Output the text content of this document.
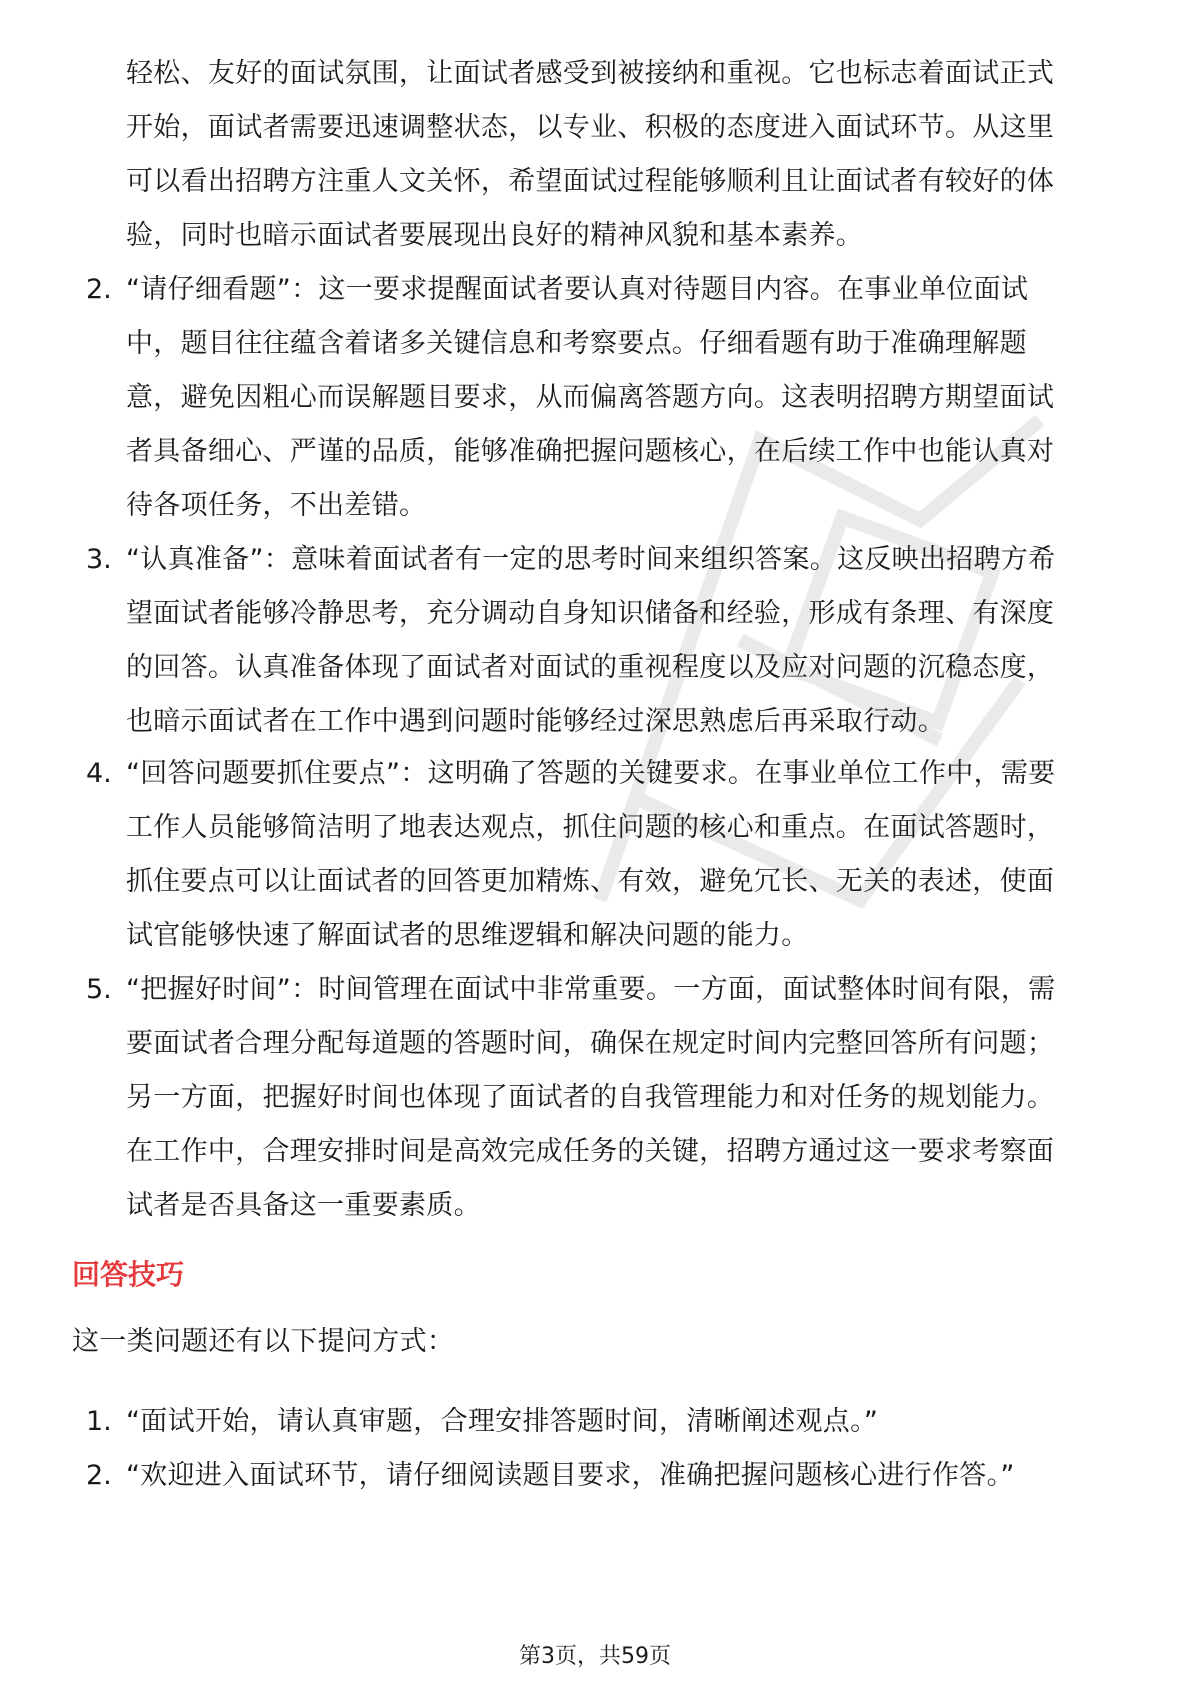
轻松、友好的面试氛围，让面试者感受到被接纳和重视。它也标志着面试正式
开始，面试者需要迅速调整状态，以专业、积极的态度进入面试环节。从这里
可以看出招聘方注重人文关怀，希望面试过程能够顺利且让面试者有较好的体
验，同时也暗示面试者要展现出良好的精神风貌和基本素养。
2. “请仔细看题”：这一要求提醒面试者要认真对待题目内容。在事业单位面试
中，题目往往蕴含着诸多关键信息和考察要点。仔细看题有助于准确理解题
意，避免因粗心而误解题目要求，从而偏离答题方向。这表明招聘方期望面试
者具备细心、严谨的品质，能够准确把握问题核心，在后续工作中也能认真对
待各项任务，不出差错。
3. “认真准备”：意味着面试者有一定的思考时间来组织答案。这反映出招聘方希
望面试者能够冷静思考，充分调动自身知识储备和经验，形成有条理、有深度
的回答。认真准备体现了面试者对面试的重视程度以及应对问题的沉稳态度，
也暗示面试者在工作中遇到问题时能够经过深思熟虑后再采取行动。
4. “回答问题要抓住要点”：这明确了答题的关键要求。在事业单位工作中，需要
工作人员能够简洁明了地表达观点，抓住问题的核心和重点。在面试答题时，
抓住要点可以让面试者的回答更加精炼、有效，避免冗长、无关的表述，使面
试官能够快速了解面试者的思维逻辑和解决问题的能力。
5. “把握好时间”：时间管理在面试中非常重要。一方面，面试整体时间有限，需
要面试者合理分配每道题的答题时间，确保在规定时间内完整回答所有问题；
另一方面，把握好时间也体现了面试者的自我管理能力和对任务的规划能力。
在工作中，合理安排时间是高效完成任务的关键，招聘方通过这一要求考察面
试者是否具备这一重要素质。
回答技巧
这一类问题还有以下提问方式：
1. “面试开始，请认真审题，合理安排答题时间，清晰阐述观点。”
2. “欢迎进入面试环节，请仔细阅读题目要求，准确把握问题核心进行作答。”
第3页，共59页
